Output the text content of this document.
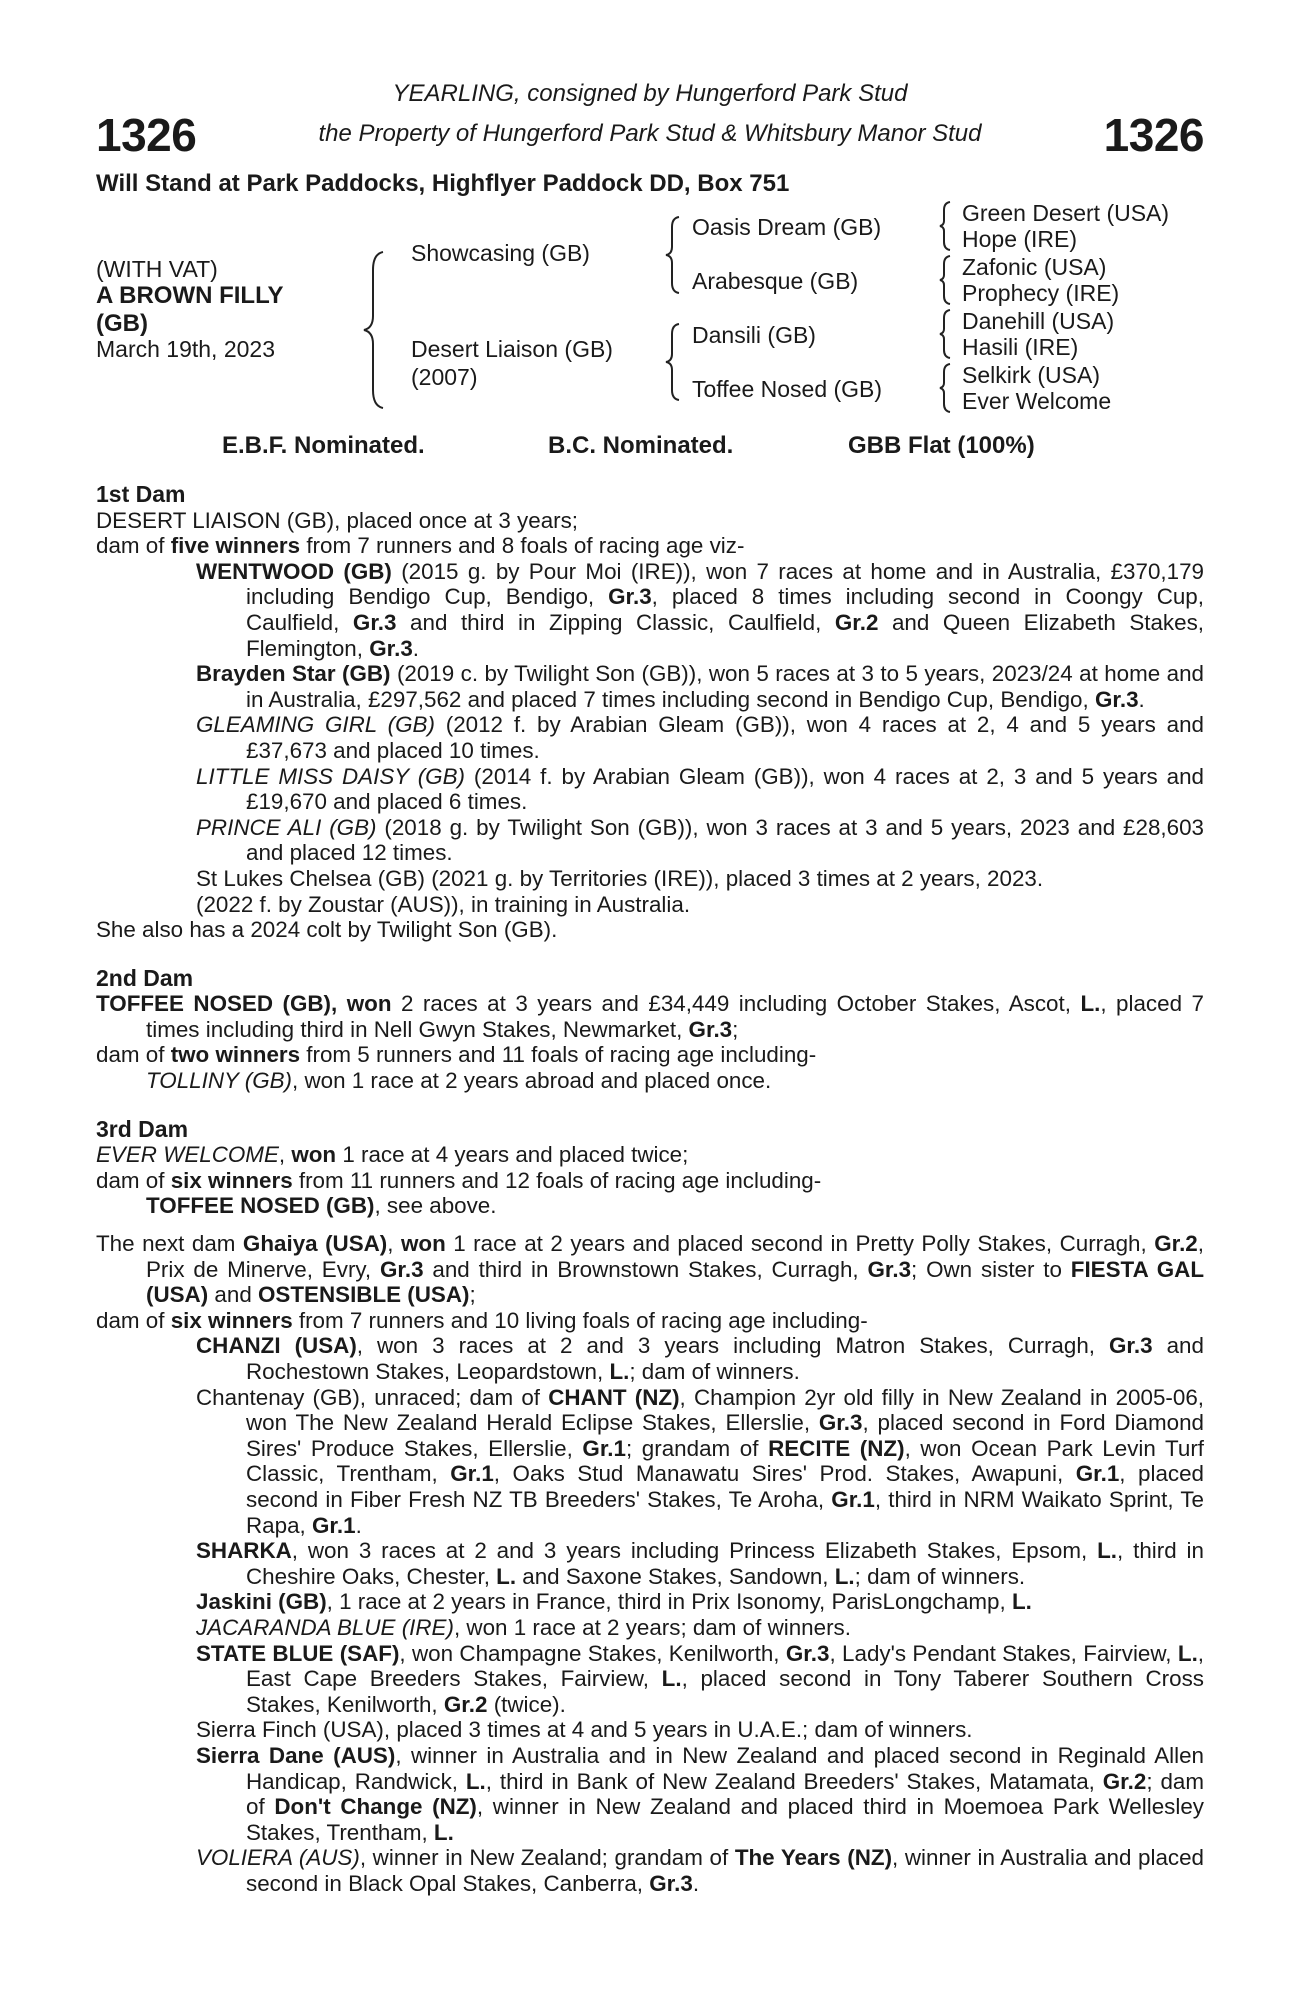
1326	1326
YEARLING, consigned by Hungerford Park Stud
the Property of Hungerford Park Stud & Whitsbury Manor Stud
Will Stand at Park Paddocks, Highflyer Paddock DD, Box 751
(WITH VAT)
A BROWN FILLY
(GB)
March 19th, 2023
Showcasing (GB)
Desert Liaison (GB)
(2007)
Oasis Dream (GB)
Arabesque (GB)
Dansili (GB)
Toffee Nosed (GB)
Green Desert (USA)
Hope (IRE)
Zafonic (USA)
Prophecy (IRE)
Danehill (USA)
Hasili (IRE)
Selkirk (USA)
Ever Welcome
E.B.F. Nominated.	B.C. Nominated.	GBB Flat (100%)

1st Dam

DESERT LIAISON (GB), placed once at 3 years;

dam of five winners from 7 runners and 8 foals of racing age viz-

WENTWOOD (GB) (2015 g. by Pour Moi (IRE)), won 7 races at home and in Australia, £370,179 including Bendigo Cup, Bendigo, Gr.3, placed 8 times including second in Coongy Cup, Caulfield, Gr.3 and third in Zipping Classic, Caulfield, Gr.2 and Queen Elizabeth Stakes, Flemington, Gr.3.

Brayden Star (GB) (2019 c. by Twilight Son (GB)), won 5 races at 3 to 5 years, 2023/24 at home and in Australia, £297,562 and placed 7 times including second in Bendigo Cup, Bendigo, Gr.3.

GLEAMING GIRL (GB) (2012 f. by Arabian Gleam (GB)), won 4 races at 2, 4 and 5 years and £37,673 and placed 10 times.

LITTLE MISS DAISY (GB) (2014 f. by Arabian Gleam (GB)), won 4 races at 2, 3 and 5 years and £19,670 and placed 6 times.

PRINCE ALI (GB) (2018 g. by Twilight Son (GB)), won 3 races at 3 and 5 years, 2023 and £28,603 and placed 12 times.

St Lukes Chelsea (GB) (2021 g. by Territories (IRE)), placed 3 times at 2 years, 2023.

(2022 f. by Zoustar (AUS)), in training in Australia.

She also has a 2024 colt by Twilight Son (GB).

2nd Dam

TOFFEE NOSED (GB), won 2 races at 3 years and £34,449 including October Stakes, Ascot, L., placed 7 times including third in Nell Gwyn Stakes, Newmarket, Gr.3;

dam of two winners from 5 runners and 11 foals of racing age including-

TOLLINY (GB), won 1 race at 2 years abroad and placed once.

3rd Dam

EVER WELCOME, won 1 race at 4 years and placed twice;

dam of six winners from 11 runners and 12 foals of racing age including-

TOFFEE NOSED (GB), see above.

The next dam Ghaiya (USA), won 1 race at 2 years and placed second in Pretty Polly Stakes, Curragh, Gr.2, Prix de Minerve, Evry, Gr.3 and third in Brownstown Stakes, Curragh, Gr.3; Own sister to FIESTA GAL (USA) and OSTENSIBLE (USA);

dam of six winners from 7 runners and 10 living foals of racing age including-

CHANZI (USA), won 3 races at 2 and 3 years including Matron Stakes, Curragh, Gr.3 and Rochestown Stakes, Leopardstown, L.; dam of winners.

Chantenay (GB), unraced; dam of CHANT (NZ), Champion 2yr old filly in New Zealand in 2005-06, won The New Zealand Herald Eclipse Stakes, Ellerslie, Gr.3, placed second in Ford Diamond Sires' Produce Stakes, Ellerslie, Gr.1; grandam of RECITE (NZ), won Ocean Park Levin Turf Classic, Trentham, Gr.1, Oaks Stud Manawatu Sires' Prod. Stakes, Awapuni, Gr.1, placed second in Fiber Fresh NZ TB Breeders' Stakes, Te Aroha, Gr.1, third in NRM Waikato Sprint, Te Rapa, Gr.1.

SHARKA, won 3 races at 2 and 3 years including Princess Elizabeth Stakes, Epsom, L., third in Cheshire Oaks, Chester, L. and Saxone Stakes, Sandown, L.; dam of winners.

Jaskini (GB), 1 race at 2 years in France, third in Prix Isonomy, ParisLongchamp, L.

JACARANDA BLUE (IRE), won 1 race at 2 years; dam of winners.

STATE BLUE (SAF), won Champagne Stakes, Kenilworth, Gr.3, Lady's Pendant Stakes, Fairview, L., East Cape Breeders Stakes, Fairview, L., placed second in Tony Taberer Southern Cross Stakes, Kenilworth, Gr.2 (twice).

Sierra Finch (USA), placed 3 times at 4 and 5 years in U.A.E.; dam of winners.

Sierra Dane (AUS), winner in Australia and in New Zealand and placed second in Reginald Allen Handicap, Randwick, L., third in Bank of New Zealand Breeders' Stakes, Matamata, Gr.2; dam of Don't Change (NZ), winner in New Zealand and placed third in Moemoea Park Wellesley Stakes, Trentham, L.

VOLIERA (AUS), winner in New Zealand; grandam of The Years (NZ), winner in Australia and placed second in Black Opal Stakes, Canberra, Gr.3.
